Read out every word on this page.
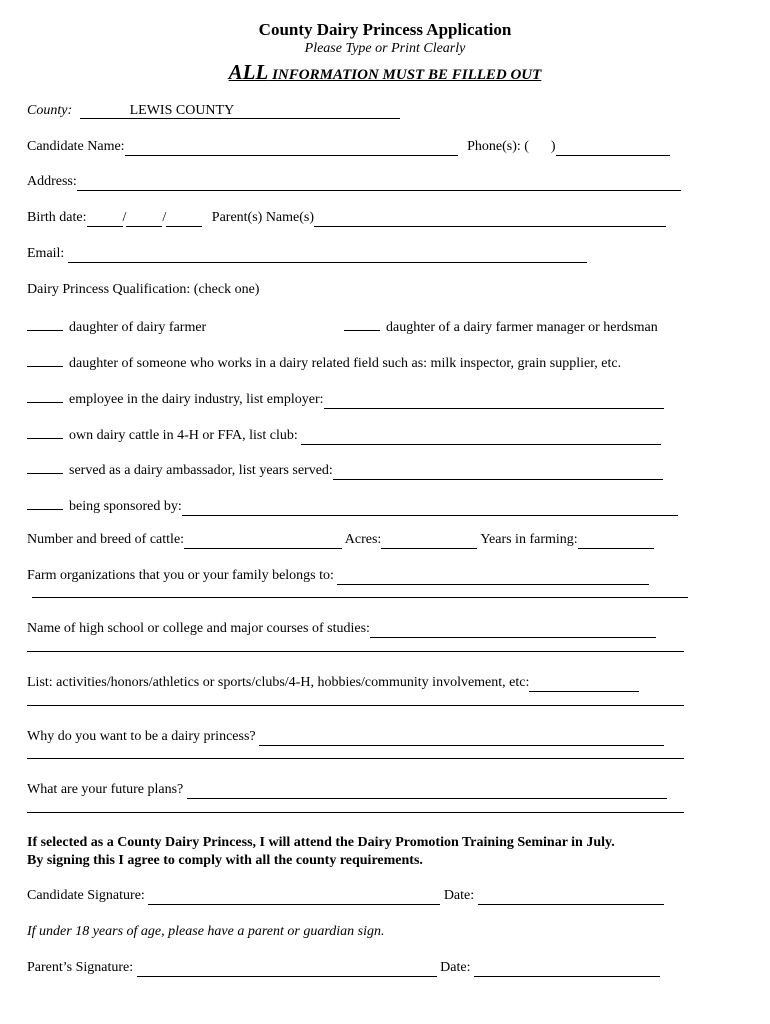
County Dairy Princess Application
Please Type or Print Clearly
ALL INFORMATION MUST BE FILLED OUT
County:	LEWIS COUNTY
Candidate Name:	Phone(s): ( )
Address:
Birth date:	/	/	Parent(s) Name(s)
Email:
Dairy Princess Qualification: (check one)
daughter of dairy farmer	daughter of a dairy farmer manager or herdsman
daughter of someone who works in a dairy related field such as: milk inspector, grain supplier, etc.
employee in the dairy industry, list employer:
own dairy cattle in 4-H or FFA, list club:
served as a dairy ambassador, list years served:
being sponsored by:
Number and breed of cattle:	Acres:	Years in farming:
Farm organizations that you or your family belongs to:
Name of high school or college and major courses of studies:
List: activities/honors/athletics or sports/clubs/4-H, hobbies/community involvement, etc:
Why do you want to be a dairy princess?
What are your future plans?
If selected as a County Dairy Princess, I will attend the Dairy Promotion Training Seminar in July.
By signing this I agree to comply with all the county requirements.
Candidate Signature:	Date:
If under 18 years of age, please have a parent or guardian sign.
Parent’s Signature:	Date:
